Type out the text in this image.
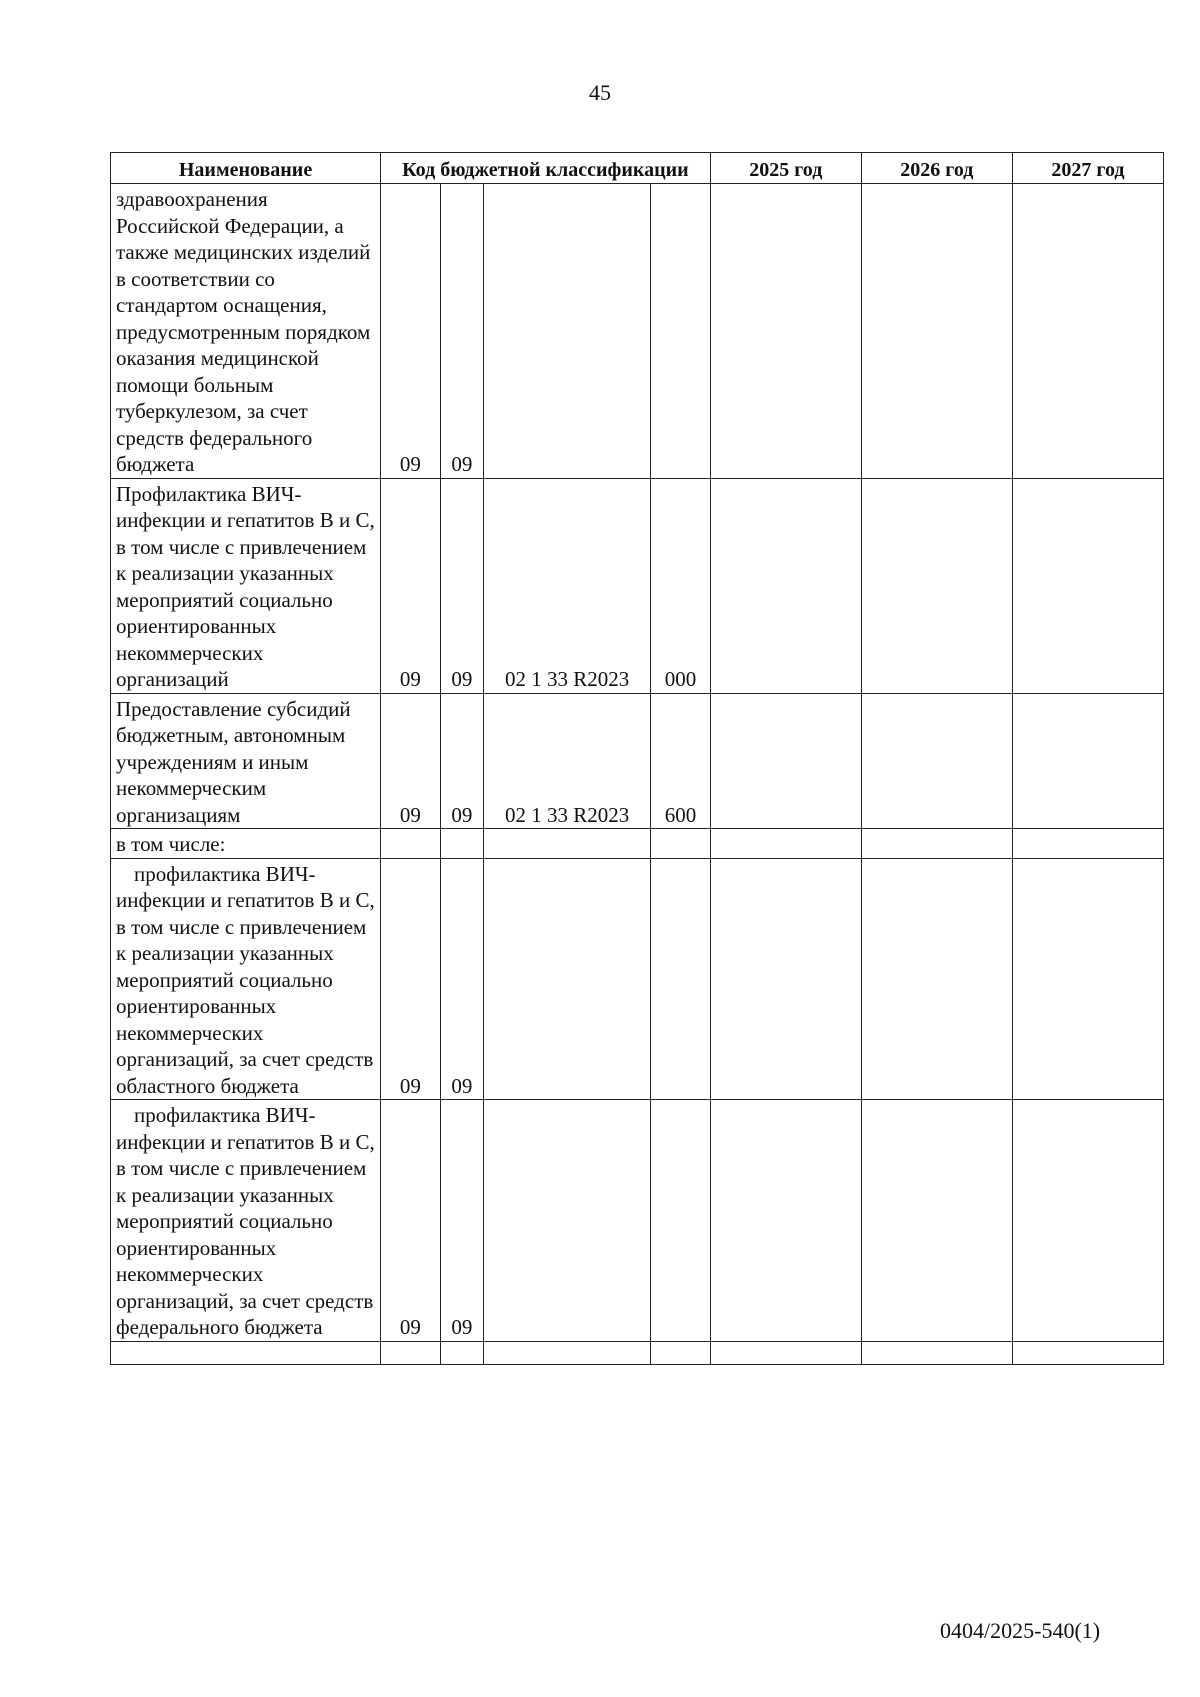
45
Наименование	Код бюджетной классификации				2025 год	2026 год	2027 год
здравоохранения Российской Федерации, а также медицинских изделий в соответствии со стандартом оснащения, предусмотренным порядком оказания медицинской помощи больным туберкулезом, за счет средств федерального бюджета	09	09					
Профилактика ВИЧ-инфекции и гепатитов В и С, в том числе с привлечением к реализации указанных мероприятий социально ориентированных некоммерческих организаций	09	09	02 1 33 R2023	000			
Предоставление субсидий бюджетным, автономным учреждениям и иным некоммерческим организациям	09	09	02 1 33 R2023	600			
в том числе:							
профилактика ВИЧ-инфекции и гепатитов В и С, в том числе с привлечением к реализации указанных мероприятий социально ориентированных некоммерческих организаций, за счет средств областного бюджета	09	09					
профилактика ВИЧ-инфекции и гепатитов В и С, в том числе с привлечением к реализации указанных мероприятий социально ориентированных некоммерческих организаций, за счет средств федерального бюджета	09	09					

0404/2025-540(1)
